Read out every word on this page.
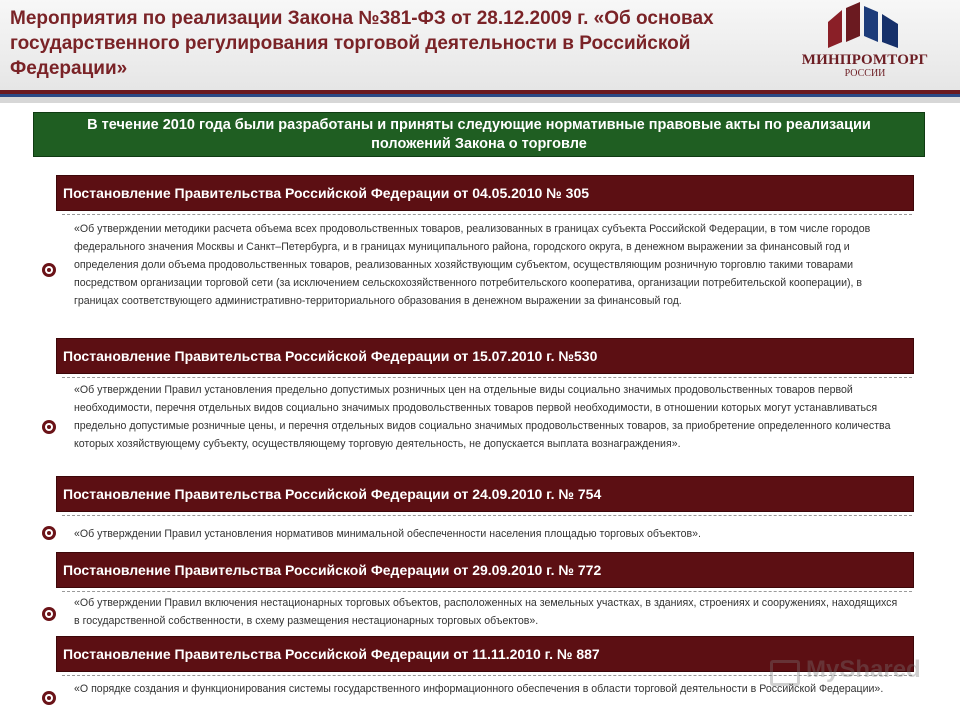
Мероприятия по реализации Закона №381-ФЗ от 28.12.2009 г. «Об основах государственного регулирования торговой деятельности в Российской Федерации»	МИНПРОМТОРГ
РОССИИ
В течение 2010 года были разработаны и приняты следующие нормативные правовые акты по реализации положений Закона о торговле
Постановление Правительства Российской Федерации от 04.05.2010 № 305
«Об утверждении методики расчета объема всех продовольственных товаров, реализованных в границах субъекта Российской Федерации, в том числе городов федерального значения Москвы и Санкт–Петербурга, и в границах муниципального района, городского округа, в денежном выражении за финансовый год и определения доли объема продовольственных товаров, реализованных хозяйствующим субъектом, осуществляющим розничную торговлю такими товарами посредством организации торговой сети (за исключением сельскохозяйственного потребительского кооператива, организации потребительской кооперации), в границах соответствующего административно-территориального образования в денежном выражении за финансовый год.
Постановление Правительства Российской Федерации от 15.07.2010 г. №530
«Об утверждении Правил установления предельно допустимых розничных цен на отдельные виды социально значимых продовольственных товаров первой необходимости, перечня отдельных видов социально значимых продовольственных товаров первой необходимости, в отношении которых могут устанавливаться предельно допустимые розничные цены, и перечня отдельных видов социально значимых продовольственных товаров, за приобретение определенного количества которых хозяйствующему субъекту, осуществляющему торговую деятельность, не допускается выплата вознаграждения».
Постановление Правительства Российской Федерации от 24.09.2010 г. № 754
«Об утверждении Правил установления нормативов минимальной обеспеченности населения площадью торговых объектов».
Постановление Правительства Российской Федерации от 29.09.2010 г. № 772
«Об утверждении Правил включения нестационарных торговых объектов, расположенных на земельных участках, в зданиях, строениях и сооружениях, находящихся в государственной собственности, в схему размещения нестационарных торговых объектов».
Постановление Правительства Российской Федерации от 11.11.2010 г. № 887
«О порядке создания и функционирования системы государственного информационного обеспечения в области торговой деятельности в Российской Федерации».
MyShared
